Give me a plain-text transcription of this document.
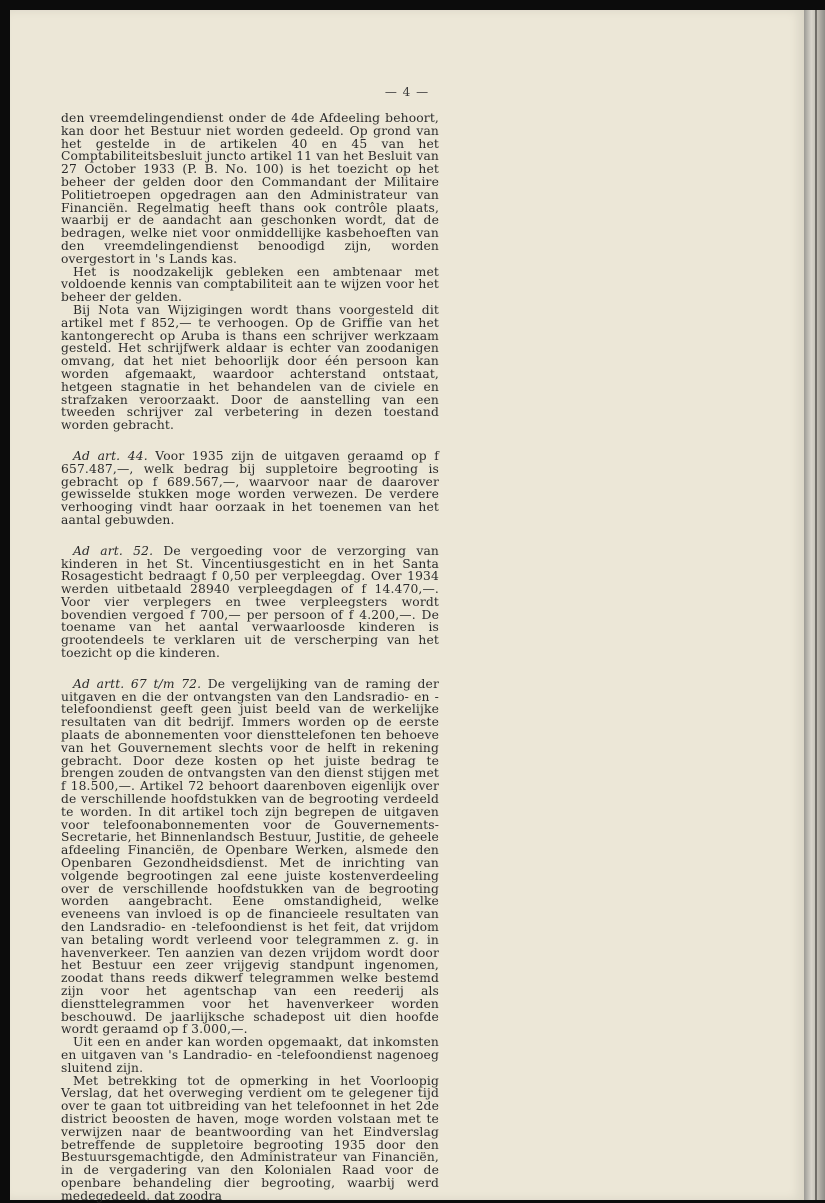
— 4 —

den vreemdelingendienst onder de 4de Afdeeling behoort, kan door het Bestuur niet worden gedeeld. Op grond van het gestelde in de artikelen 40 en 45 van het Comptabiliteitsbesluit juncto artikel 11 van het Besluit van 27 October 1933 (P. B. No. 100) is het toezicht op het beheer der gelden door den Commandant der Militaire Politietroepen opgedragen aan den Administrateur van Financiën. Regelmatig heeft thans ook contrôle plaats, waarbij er de aandacht aan geschonken wordt, dat de bedragen, welke niet voor onmiddellijke kasbehoeften van den vreemdelingendienst benoodigd zijn, worden overgestort in 's Lands kas.

Het is noodzakelijk gebleken een ambtenaar met voldoende kennis van comptabiliteit aan te wijzen voor het beheer der gelden.

Bij Nota van Wijzigingen wordt thans voorgesteld dit artikel met f 852,— te verhoogen. Op de Griffie van het kantongerecht op Aruba is thans een schrijver werkzaam gesteld. Het schrijfwerk aldaar is echter van zoodanigen omvang, dat het niet behoorlijk door één persoon kan worden afgemaakt, waardoor achterstand ontstaat, hetgeen stagnatie in het behandelen van de civiele en strafzaken veroorzaakt. Door de aanstelling van een tweeden schrijver zal verbetering in dezen toestand worden gebracht.

Ad art. 44. Voor 1935 zijn de uitgaven geraamd op f 657.487,—, welk bedrag bij suppletoire begrooting is gebracht op f 689.567,—, waarvoor naar de daarover gewisselde stukken moge worden verwezen. De verdere verhooging vindt haar oorzaak in het toenemen van het aantal gebuwden.

Ad art. 52. De vergoeding voor de verzorging van kinderen in het St. Vincentiusgesticht en in het Santa Rosagesticht bedraagt f 0,50 per verpleegdag. Over 1934 werden uitbetaald 28940 verpleegdagen of f 14.470,—. Voor vier verplegers en twee verpleegsters wordt bovendien vergoed f 700,— per persoon of f 4.200,—. De toename van het aantal verwaarloosde kinderen is grootendeels te verklaren uit de verscherping van het toezicht op die kinderen.

Ad artt. 67 t/m 72. De vergelijking van de raming der uitgaven en die der ontvangsten van den Landsradio- en -telefoondienst geeft geen juist beeld van de werkelijke resultaten van dit bedrijf. Immers worden op de eerste plaats de abonnementen voor diensttelefonen ten behoeve van het Gouvernement slechts voor de helft in rekening gebracht. Door deze kosten op het juiste bedrag te brengen zouden de ontvangsten van den dienst stijgen met f 18.500,—. Artikel 72 behoort daarenboven eigenlijk over de verschillende hoofdstukken van de begrooting verdeeld te worden. In dit artikel toch zijn begrepen de uitgaven voor telefoonabonnementen voor de Gouvernements-Secretarie, het Binnenlandsch Bestuur, Justitie, de geheele afdeeling Financiën, de Openbare Werken, alsmede den Openbaren Gezondheidsdienst. Met de inrichting van volgende begrootingen zal eene juiste kostenverdeeling over de verschillende hoofdstukken van de begrooting worden aangebracht. Eene omstandigheid, welke eveneens van invloed is op de financieele resultaten van den Landsradio- en -telefoondienst is het feit, dat vrijdom van betaling wordt verleend voor telegrammen z. g. in havenverkeer. Ten aanzien van dezen vrijdom wordt door het Bestuur een zeer vrijgevig standpunt ingenomen, zoodat thans reeds dikwerf telegrammen welke bestemd zijn voor het agentschap van een reederij als diensttelegrammen voor het havenverkeer worden beschouwd. De jaarlijksche schadepost uit dien hoofde wordt geraamd op f 3.000,—.

Uit een en ander kan worden opgemaakt, dat inkomsten en uitgaven van 's Landradio- en -telefoondienst nagenoeg sluitend zijn.

Met betrekking tot de opmerking in het Voorloopig Verslag, dat het overweging verdient om te gelegener tijd over te gaan tot uitbreiding van het telefoonnet in het 2de district beoosten de haven, moge worden volstaan met te verwijzen naar de beantwoording van het Eindverslag betreffende de suppletoire begrooting 1935 door den Bestuursgemachtigde, den Administrateur van Financiën, in de vergadering van den Kolonialen Raad voor de openbare behandeling dier begrooting, waarbij werd medegedeeld, dat zoodra
